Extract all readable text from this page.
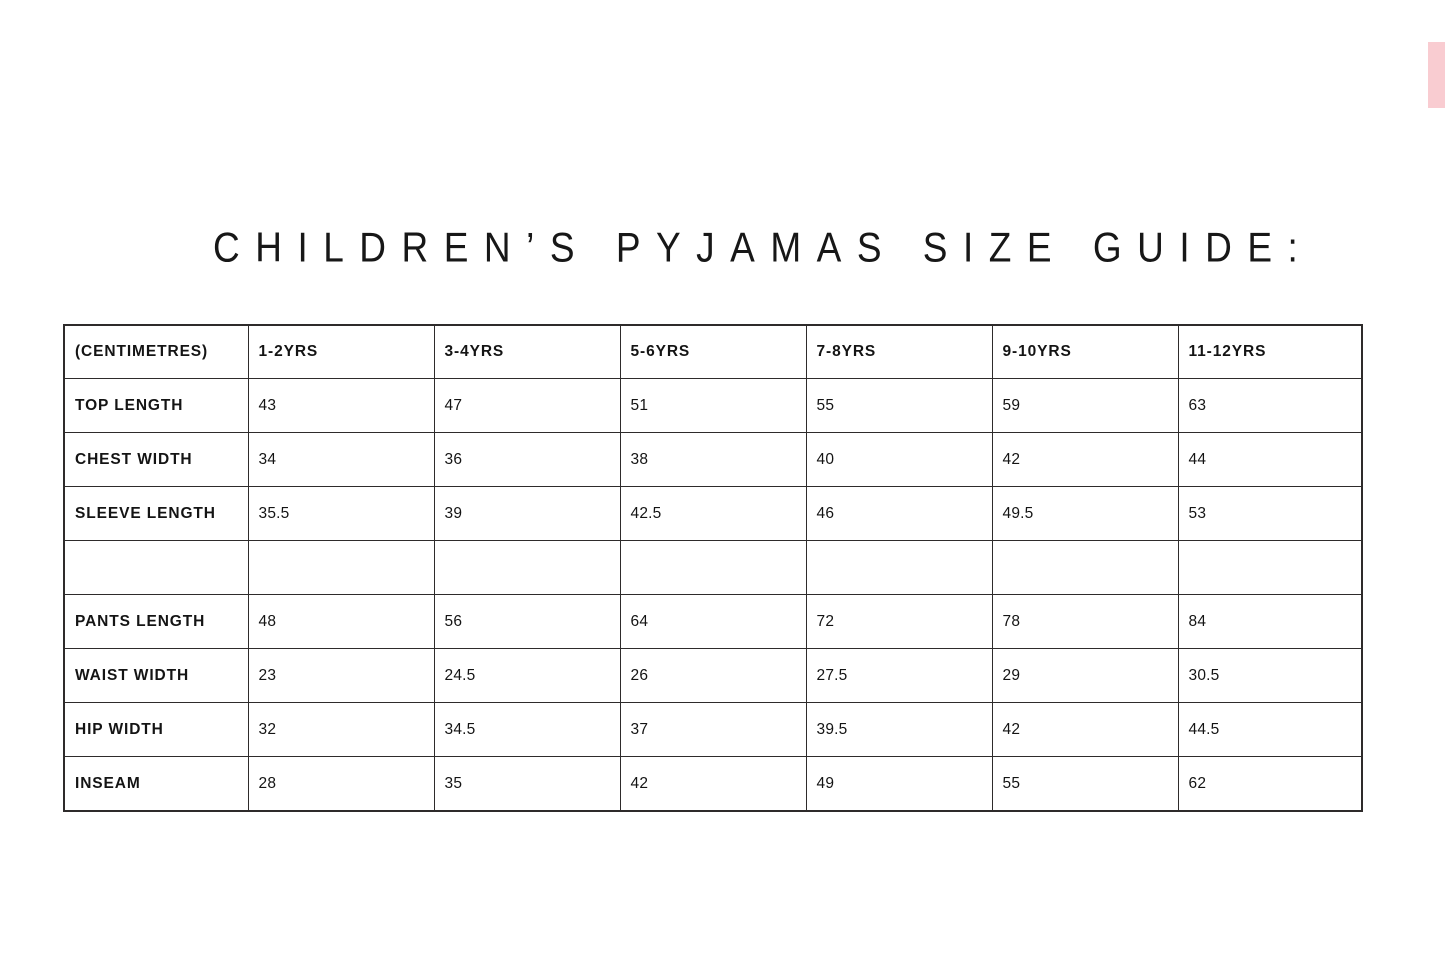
CHILDREN’S PYJAMAS SIZE GUIDE:
(CENTIMETRES)	1-2YRS	3-4YRS	5-6YRS	7-8YRS	9-10YRS	11-12YRS
TOP LENGTH	43	47	51	55	59	63
CHEST WIDTH	34	36	38	40	42	44
SLEEVE LENGTH	35.5	39	42.5	46	49.5	53

PANTS LENGTH	48	56	64	72	78	84
WAIST WIDTH	23	24.5	26	27.5	29	30.5
HIP WIDTH	32	34.5	37	39.5	42	44.5
INSEAM	28	35	42	49	55	62
